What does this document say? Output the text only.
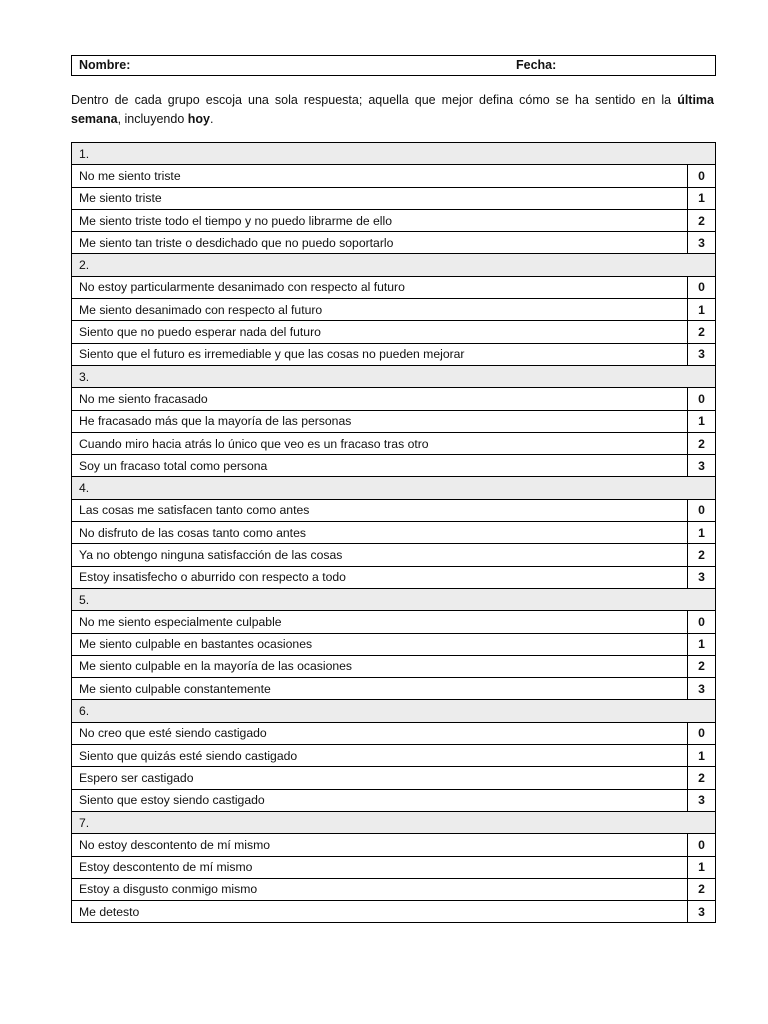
Nombre:	Fecha:

Dentro de cada grupo escoja una sola respuesta; aquella que mejor defina cómo se ha sentido en la última semana, incluyendo hoy.

1.	
No me siento triste	0
Me siento triste	1
Me siento triste todo el tiempo y no puedo librarme de ello	2
Me siento tan triste o desdichado que no puedo soportarlo	3
2.	
No estoy particularmente desanimado con respecto al futuro	0
Me siento desanimado con respecto al futuro	1
Siento que no puedo esperar nada del futuro	2
Siento que el futuro es irremediable y que las cosas no pueden mejorar	3
3.	
No me siento fracasado	0
He fracasado más que la mayoría de las personas	1
Cuando miro hacia atrás lo único que veo es un fracaso tras otro	2
Soy un fracaso total como persona	3
4.	
Las cosas me satisfacen tanto como antes	0
No disfruto de las cosas tanto como antes	1
Ya no obtengo ninguna satisfacción de las cosas	2
Estoy insatisfecho o aburrido con respecto a todo	3
5.	
No me siento especialmente culpable	0
Me siento culpable en bastantes ocasiones	1
Me siento culpable en la mayoría de las ocasiones	2
Me siento culpable constantemente	3
6.	
No creo que esté siendo castigado	0
Siento que quizás esté siendo castigado	1
Espero ser castigado	2
Siento que estoy siendo castigado	3
7.	
No estoy descontento de mí mismo	0
Estoy descontento de mí mismo	1
Estoy a disgusto conmigo mismo	2
Me detesto	3
